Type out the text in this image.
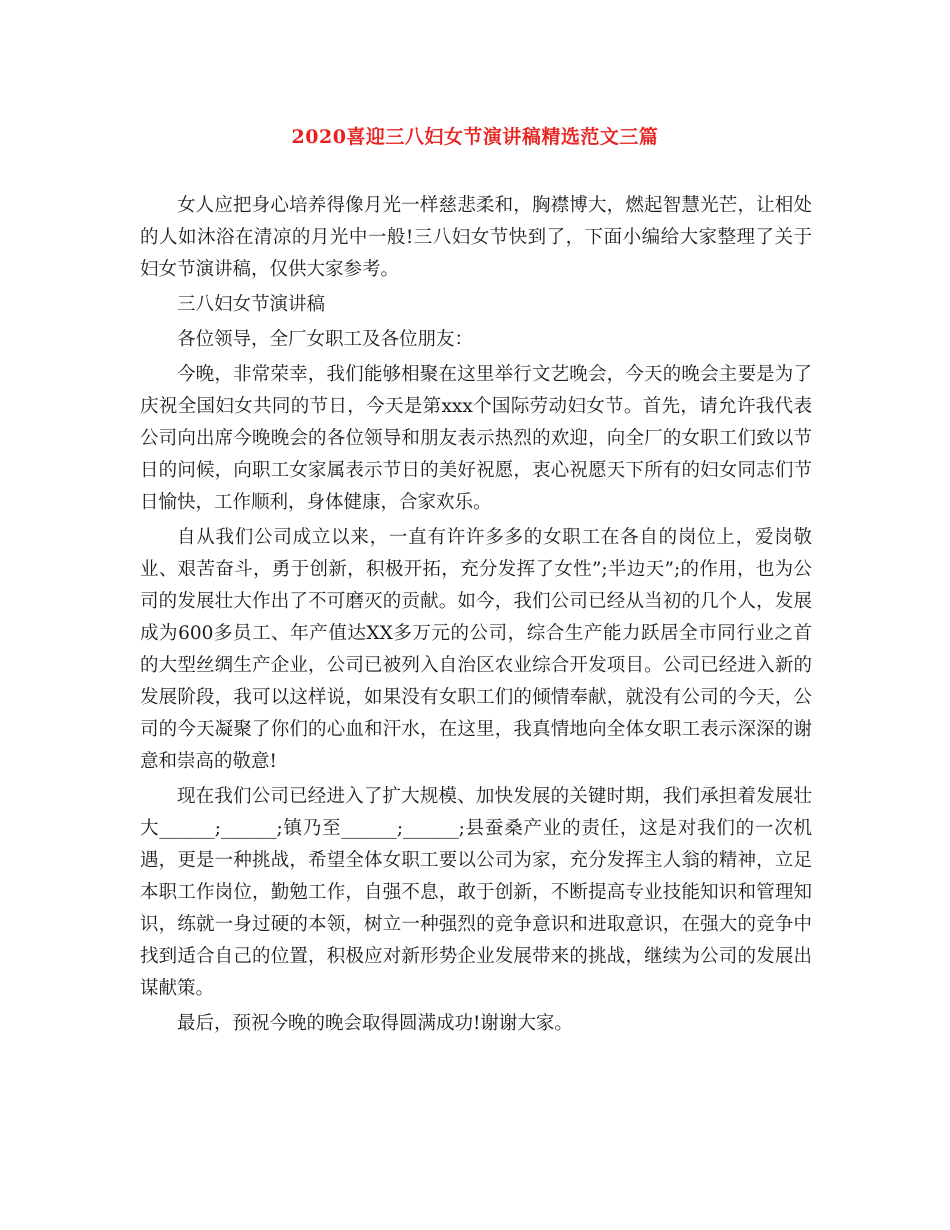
2020喜迎三八妇女节演讲稿精选范文三篇

女人应把身心培养得像月光一样慈悲柔和，胸襟博大，燃起智慧光芒，让相处的人如沐浴在清凉的月光中一般!三八妇女节快到了，下面小编给大家整理了关于妇女节演讲稿，仅供大家参考。

三八妇女节演讲稿

各位领导，全厂女职工及各位朋友：

今晚，非常荣幸，我们能够相聚在这里举行文艺晚会，今天的晚会主要是为了庆祝全国妇女共同的节日，今天是第xxx个国际劳动妇女节。首先，请允许我代表公司向出席今晚晚会的各位领导和朋友表示热烈的欢迎，向全厂的女职工们致以节日的问候，向职工女家属表示节日的美好祝愿，衷心祝愿天下所有的妇女同志们节日愉快，工作顺利，身体健康，合家欢乐。

自从我们公司成立以来，一直有许许多多的女职工在各自的岗位上，爱岗敬业、艰苦奋斗，勇于创新，积极开拓，充分发挥了女性”;半边天”;的作用，也为公司的发展壮大作出了不可磨灭的贡献。如今，我们公司已经从当初的几个人，发展成为600多员工、年产值达XX多万元的公司，综合生产能力跃居全市同行业之首的大型丝绸生产企业，公司已被列入自治区农业综合开发项目。公司已经进入新的发展阶段，我可以这样说，如果没有女职工们的倾情奉献，就没有公司的今天，公司的今天凝聚了你们的心血和汗水，在这里，我真情地向全体女职工表示深深的谢意和崇高的敬意!

现在我们公司已经进入了扩大规模、加快发展的关键时期，我们承担着发展壮大______;______;镇乃至______;______;县蚕桑产业的责任，这是对我们的一次机遇，更是一种挑战，希望全体女职工要以公司为家，充分发挥主人翁的精神，立足本职工作岗位，勤勉工作，自强不息，敢于创新，不断提高专业技能知识和管理知识，练就一身过硬的本领，树立一种强烈的竞争意识和进取意识，在强大的竞争中找到适合自己的位置，积极应对新形势企业发展带来的挑战，继续为公司的发展出谋献策。

最后，预祝今晚的晚会取得圆满成功!谢谢大家。
